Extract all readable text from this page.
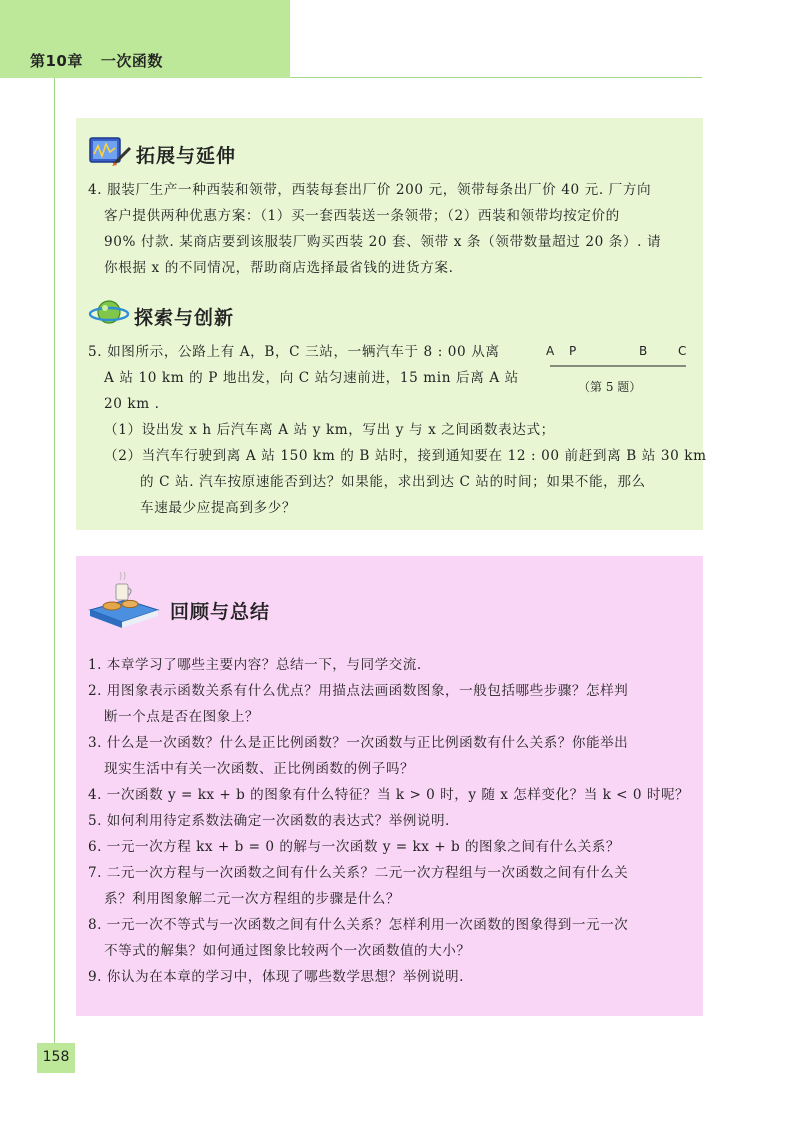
第10章 一次函数
拓展与延伸
4. 服装厂生产一种西装和领带，西装每套出厂价 200 元，领带每条出厂价 40 元. 厂方向
客户提供两种优惠方案：（1）买一套西装送一条领带；（2）西装和领带均按定价的
90% 付款. 某商店要到该服装厂购买西装 20 套、领带 x 条（领带数量超过 20 条）. 请
你根据 x 的不同情况，帮助商店选择最省钱的进货方案.
探索与创新
5. 如图所示，公路上有 A，B，C 三站，一辆汽车于 8 : 00 从离
A 站 10 km 的 P 地出发，向 C 站匀速前进，15 min 后离 A 站
20 km .
A P	B	C
（第 5 题）
（1）设出发 x h 后汽车离 A 站 y km，写出 y 与 x 之间函数表达式；
（2）当汽车行驶到离 A 站 150 km 的 B 站时，接到通知要在 12 : 00 前赶到离 B 站 30 km
的 C 站. 汽车按原速能否到达？如果能，求出到达 C 站的时间；如果不能，那么
车速最少应提高到多少？
回顾与总结
1. 本章学习了哪些主要内容？总结一下，与同学交流.
2. 用图象表示函数关系有什么优点？用描点法画函数图象，一般包括哪些步骤？怎样判
断一个点是否在图象上？
3. 什么是一次函数？什么是正比例函数？一次函数与正比例函数有什么关系？你能举出
现实生活中有关一次函数、正比例函数的例子吗？
4. 一次函数 y = kx + b 的图象有什么特征？当 k > 0 时，y 随 x 怎样变化？当 k < 0 时呢？
5. 如何利用待定系数法确定一次函数的表达式？举例说明.
6. 一元一次方程 kx + b = 0 的解与一次函数 y = kx + b 的图象之间有什么关系？
7. 二元一次方程与一次函数之间有什么关系？二元一次方程组与一次函数之间有什么关
系？利用图象解二元一次方程组的步骤是什么？
8. 一元一次不等式与一次函数之间有什么关系？怎样利用一次函数的图象得到一元一次
不等式的解集？如何通过图象比较两个一次函数值的大小？
9. 你认为在本章的学习中，体现了哪些数学思想？举例说明.
158
